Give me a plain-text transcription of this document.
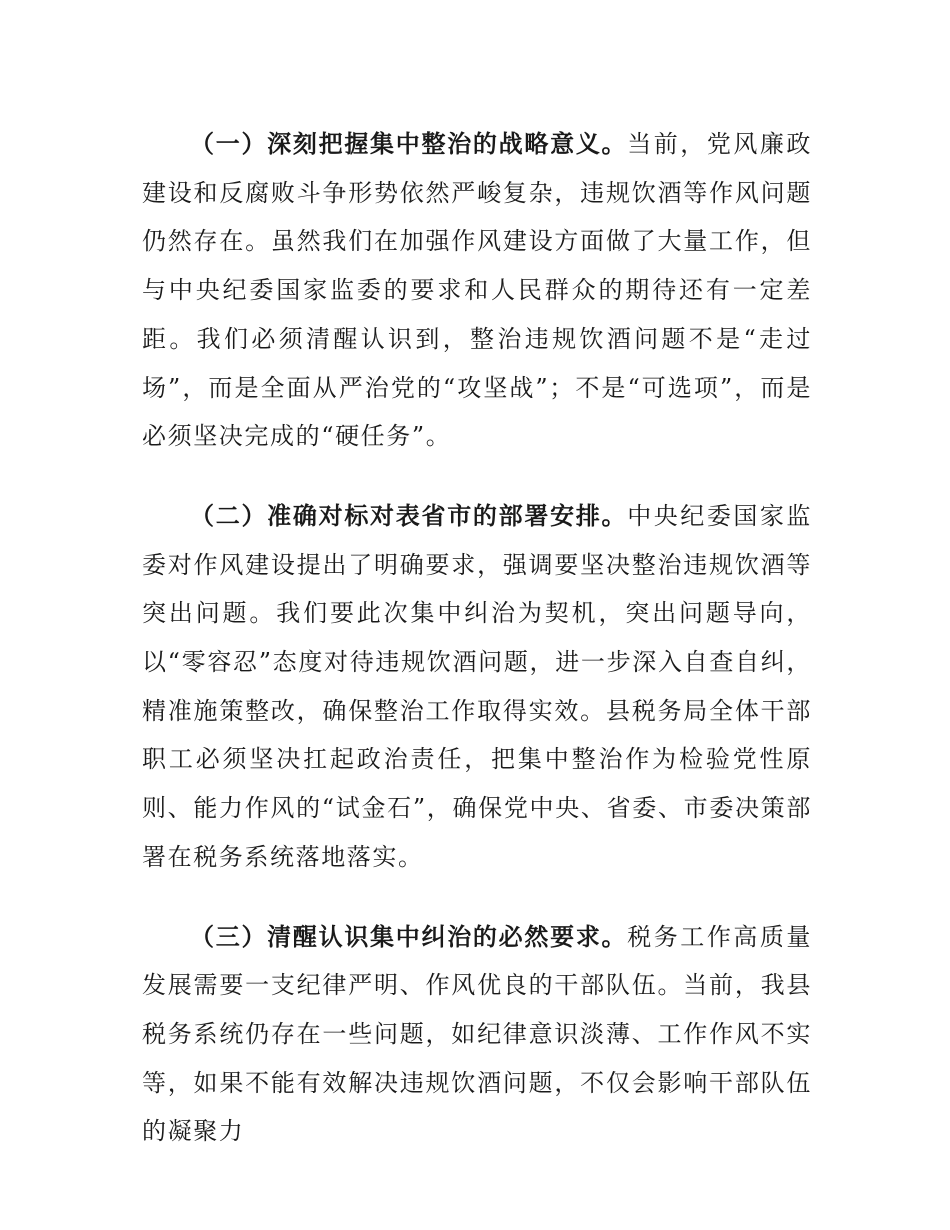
（一）深刻把握集中整治的战略意义。当前，党风廉政建设和反腐败斗争形势依然严峻复杂，违规饮酒等作风问题仍然存在。虽然我们在加强作风建设方面做了大量工作，但与中央纪委国家监委的要求和人民群众的期待还有一定差距。我们必须清醒认识到，整治违规饮酒问题不是“走过场”，而是全面从严治党的“攻坚战”；不是“可选项”，而是必须坚决完成的“硬任务”。

（二）准确对标对表省市的部署安排。中央纪委国家监委对作风建设提出了明确要求，强调要坚决整治违规饮酒等突出问题。我们要此次集中纠治为契机，突出问题导向，以“零容忍”态度对待违规饮酒问题，进一步深入自查自纠，精准施策整改，确保整治工作取得实效。县税务局全体干部职工必须坚决扛起政治责任，把集中整治作为检验党性原则、能力作风的“试金石”，确保党中央、省委、市委决策部署在税务系统落地落实。

（三）清醒认识集中纠治的必然要求。税务工作高质量发展需要一支纪律严明、作风优良的干部队伍。当前，我县税务系统仍存在一些问题，如纪律意识淡薄、工作作风不实等，如果不能有效解决违规饮酒问题，不仅会影响干部队伍的凝聚力
